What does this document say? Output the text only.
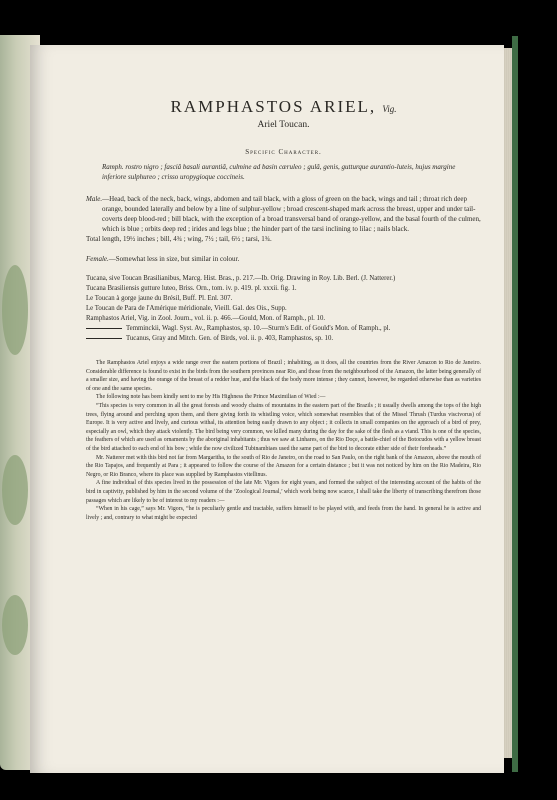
RAMPHASTOS ARIEL, Vig.

Ariel Toucan.

Specific Character.

Ramph. rostro nigro ; fasciâ basali aurantiâ, culmine ad basin cæruleo ; gulâ, genis, gutturque aurantio-luteis, hujus margine inferiore sulphureo ; crisso uropygioque coccineis.

Male.—Head, back of the neck, back, wings, abdomen and tail black, with a gloss of green on the back, wings and tail ; throat rich deep orange, bounded laterally and below by a line of sulphur-yellow ; broad crescent-shaped mark across the breast, upper and under tail-coverts deep blood-red ; bill black, with the exception of a broad transversal band of orange-yellow, and the basal fourth of the culmen, which is blue ; orbits deep red ; irides and legs blue ; the hinder part of the tarsi inclining to lilac ; nails black.

Total length, 19½ inches ; bill, 4¾ ; wing, 7½ ; tail, 6½ ; tarsi, 1¾.

Female.—Somewhat less in size, but similar in colour.

Tucana, sive Toucan Brasilianibus, Marcg. Hist. Bras., p. 217.—Ib. Orig. Drawing in Roy. Lib. Berl. (J. Natterer.)

Tucana Brasiliensis gutture luteo, Briss. Orn., tom. iv. p. 419. pl. xxxii. fig. 1.

Le Toucan à gorge jaune du Brésil, Buff. Pl. Enl. 307.

Le Toucan de Para de l'Amérique méridionale, Vieill. Gal. des Ois., Supp.

Ramphastos Ariel, Vig. in Zool. Journ., vol. ii. p. 466.—Gould, Mon. of Ramph., pl. 10.

Temminckii, Wagl. Syst. Av., Ramphastos, sp. 10.—Sturm's Edit. of Gould's Mon. of Ramph., pl.

Tucanus, Gray and Mitch. Gen. of Birds, vol. ii. p. 403, Ramphastos, sp. 10.

The Ramphastos Ariel enjoys a wide range over the eastern portions of Brazil ; inhabiting, as it does, all the countries from the River Amazon to Rio de Janeiro. Considerable difference is found to exist in the birds from the southern provinces near Rio, and those from the neighbourhood of the Amazon, the latter being generally of a smaller size, and having the orange of the breast of a redder hue, and the black of the body more intense ; they cannot, however, be regarded otherwise than as varieties of one and the same species.

The following note has been kindly sent to me by His Highness the Prince Maximilian of Wied :—

“This species is very common in all the great forests and woody chains of mountains in the eastern part of the Brazils ; it usually dwells among the tops of the high trees, flying around and perching upon them, and there giving forth its whistling voice, which somewhat resembles that of the Missel Thrush (Turdus viscivorus) of Europe. It is very active and lively, and curious withal, its attention being easily drawn to any object ; it collects in small companies on the approach of a bird of prey, especially an owl, which they attack violently. The bird being very common, we killed many during the day for the sake of the flesh as a viand. This is one of the species, the feathers of which are used as ornaments by the aboriginal inhabitants ; thus we saw at Linhares, on the Rio Doçe, a battle-chief of the Botocudos with a yellow breast of the bird attached to each end of his bow ; while the now civilized Tubinambiaes used the same part of the bird to decorate either side of their foreheads.”

Mr. Natterer met with this bird not far from Margaritha, to the south of Rio de Janeiro, on the road to San Paulo, on the right bank of the Amazon, above the mouth of the Rio Tapajos, and frequently at Para ; it appeared to follow the course of the Amazon for a certain distance ; but it was not noticed by him on the Rio Madeira, Rio Negro, or Rio Branco, where its place was supplied by Ramphastos vitellinus.

A fine individual of this species lived in the possession of the late Mr. Vigors for eight years, and formed the subject of the interesting account of the habits of the bird in captivity, published by him in the second volume of the ‘Zoological Journal,’ which work being now scarce, I shall take the liberty of transcribing therefrom those passages which are likely to be of interest to my readers :—

“When in his cage,” says Mr. Vigors, “he is peculiarly gentle and tractable, suffers himself to be played with, and feeds from the hand. In general he is active and lively ; and, contrary to what might be expected
